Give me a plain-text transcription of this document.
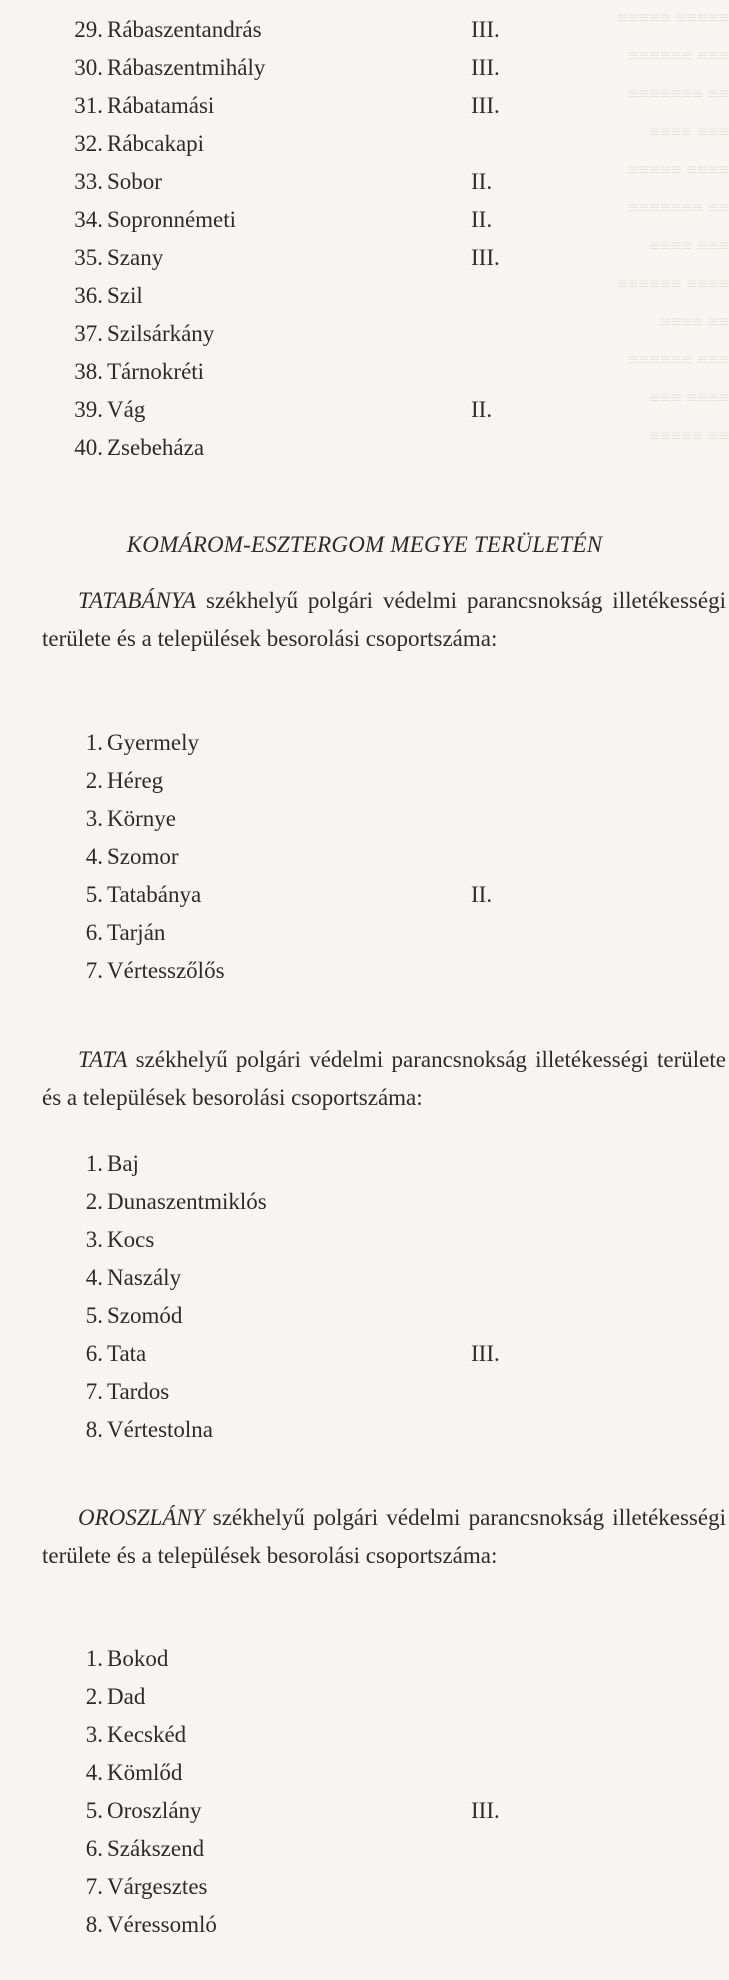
≡≡≡≡≡ ≡≡≡≡≡
≡≡≡ ≡≡≡≡≡≡
≡≡ ≡≡≡≡≡≡≡
≡≡≡ ≡≡≡≡
≡≡≡≡ ≡≡≡≡≡
≡≡ ≡≡≡≡≡≡≡
≡≡≡ ≡≡≡≡
≡≡≡≡ ≡≡≡≡≡≡
≡≡ ≡≡≡≡
≡≡≡ ≡≡≡≡≡≡
≡≡≡≡ ≡≡≡
≡≡ ≡≡≡≡≡
29. Rábaszentandrás	III.
30. Rábaszentmihály	III.
31. Rábatamási	III.
32. Rábcakapi
33. Sobor	II.
34. Sopronnémeti	II.
35. Szany	III.
36. Szil
37. Szilsárkány
38. Tárnokréti
39. Vág	II.
40. Zsebeháza
KOMÁROM-ESZTERGOM MEGYE TERÜLETÉN
TATABÁNYA székhelyű polgári védelmi parancsnokság illetékességi területe és a települések besorolási csoportszáma:
1. Gyermely
2. Héreg
3. Környe
4. Szomor
5. Tatabánya	II.
6. Tarján
7. Vértesszőlős
TATA székhelyű polgári védelmi parancsnokság illetékességi területe és a települések besorolási csoportszáma:
1. Baj
2. Dunaszentmiklós
3. Kocs
4. Naszály
5. Szomód
6. Tata	III.
7. Tardos
8. Vértestolna
OROSZLÁNY székhelyű polgári védelmi parancsnokság illetékességi területe és a települések besorolási csoportszáma:
1. Bokod
2. Dad
3. Kecskéd
4. Kömlőd
5. Oroszlány	III.
6. Szákszend
7. Várgesztes
8. Véressomló
